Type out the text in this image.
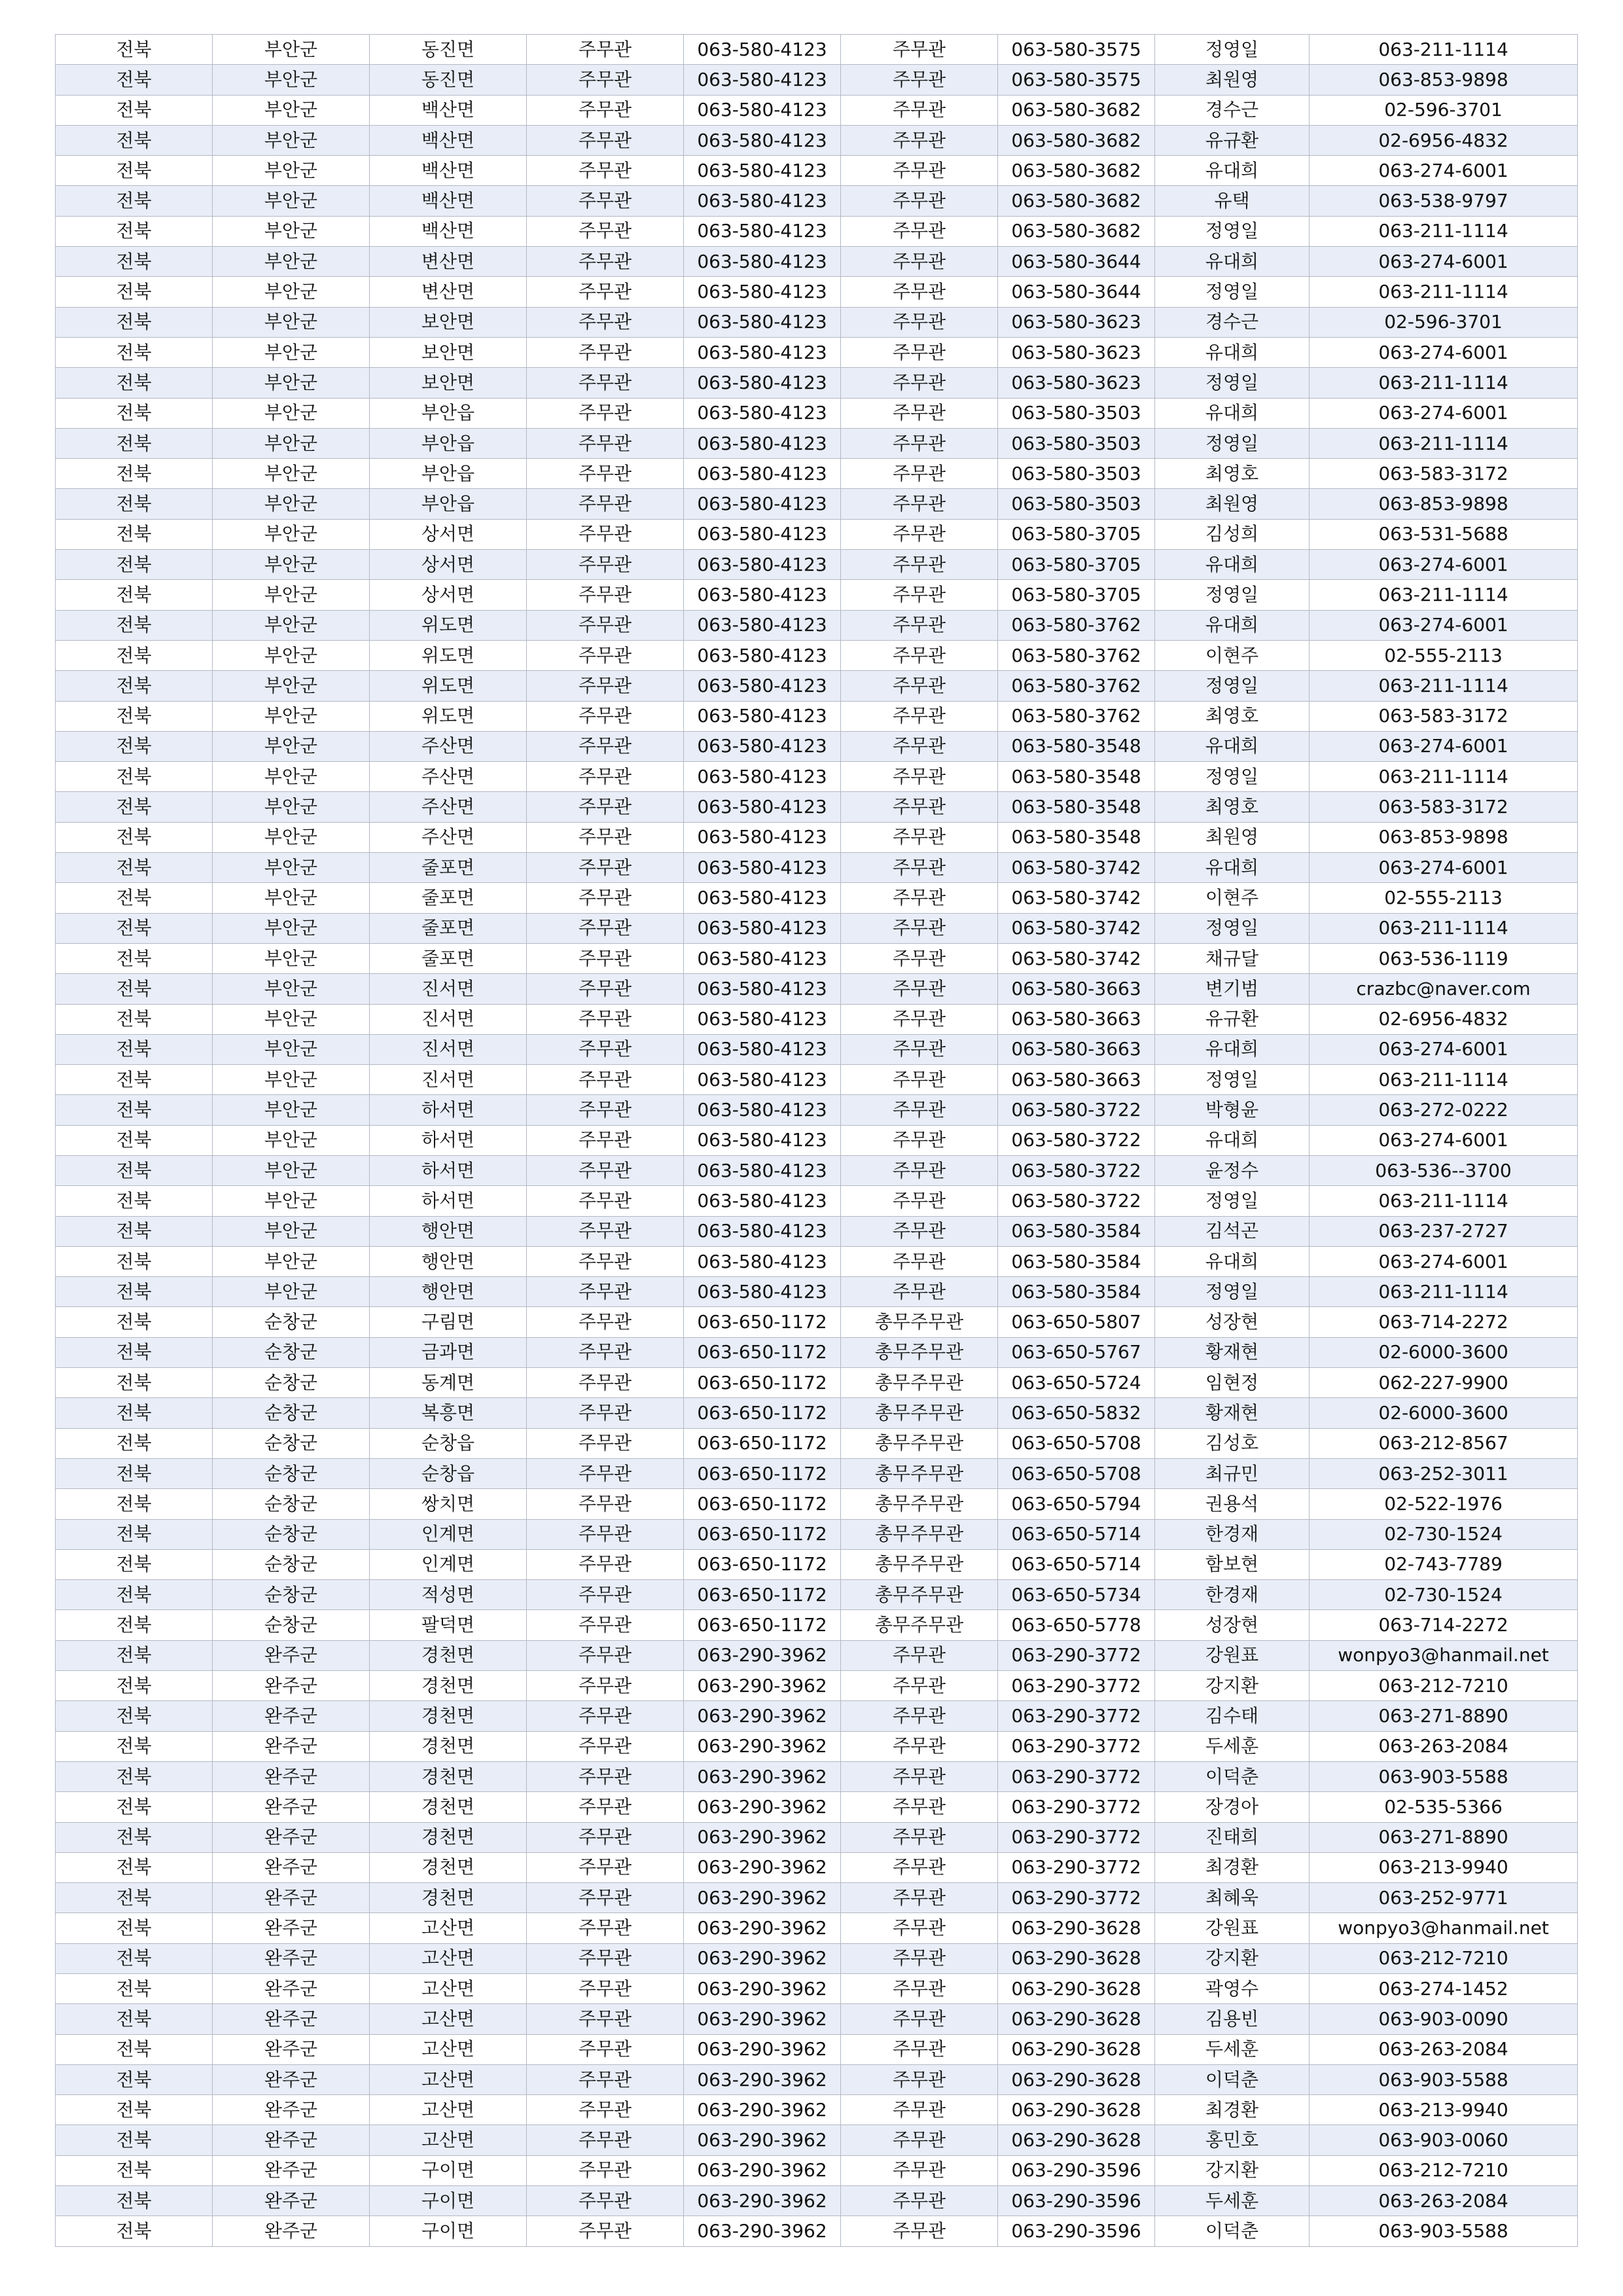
전북	부안군	동진면	주무관	063-580-4123	주무관	063-580-3575	정영일	063-211-1114
전북	부안군	동진면	주무관	063-580-4123	주무관	063-580-3575	최원영	063-853-9898
전북	부안군	백산면	주무관	063-580-4123	주무관	063-580-3682	경수근	02-596-3701
전북	부안군	백산면	주무관	063-580-4123	주무관	063-580-3682	유규환	02-6956-4832
전북	부안군	백산면	주무관	063-580-4123	주무관	063-580-3682	유대희	063-274-6001
전북	부안군	백산면	주무관	063-580-4123	주무관	063-580-3682	유택	063-538-9797
전북	부안군	백산면	주무관	063-580-4123	주무관	063-580-3682	정영일	063-211-1114
전북	부안군	변산면	주무관	063-580-4123	주무관	063-580-3644	유대희	063-274-6001
전북	부안군	변산면	주무관	063-580-4123	주무관	063-580-3644	정영일	063-211-1114
전북	부안군	보안면	주무관	063-580-4123	주무관	063-580-3623	경수근	02-596-3701
전북	부안군	보안면	주무관	063-580-4123	주무관	063-580-3623	유대희	063-274-6001
전북	부안군	보안면	주무관	063-580-4123	주무관	063-580-3623	정영일	063-211-1114
전북	부안군	부안읍	주무관	063-580-4123	주무관	063-580-3503	유대희	063-274-6001
전북	부안군	부안읍	주무관	063-580-4123	주무관	063-580-3503	정영일	063-211-1114
전북	부안군	부안읍	주무관	063-580-4123	주무관	063-580-3503	최영호	063-583-3172
전북	부안군	부안읍	주무관	063-580-4123	주무관	063-580-3503	최원영	063-853-9898
전북	부안군	상서면	주무관	063-580-4123	주무관	063-580-3705	김성희	063-531-5688
전북	부안군	상서면	주무관	063-580-4123	주무관	063-580-3705	유대희	063-274-6001
전북	부안군	상서면	주무관	063-580-4123	주무관	063-580-3705	정영일	063-211-1114
전북	부안군	위도면	주무관	063-580-4123	주무관	063-580-3762	유대희	063-274-6001
전북	부안군	위도면	주무관	063-580-4123	주무관	063-580-3762	이현주	02-555-2113
전북	부안군	위도면	주무관	063-580-4123	주무관	063-580-3762	정영일	063-211-1114
전북	부안군	위도면	주무관	063-580-4123	주무관	063-580-3762	최영호	063-583-3172
전북	부안군	주산면	주무관	063-580-4123	주무관	063-580-3548	유대희	063-274-6001
전북	부안군	주산면	주무관	063-580-4123	주무관	063-580-3548	정영일	063-211-1114
전북	부안군	주산면	주무관	063-580-4123	주무관	063-580-3548	최영호	063-583-3172
전북	부안군	주산면	주무관	063-580-4123	주무관	063-580-3548	최원영	063-853-9898
전북	부안군	줄포면	주무관	063-580-4123	주무관	063-580-3742	유대희	063-274-6001
전북	부안군	줄포면	주무관	063-580-4123	주무관	063-580-3742	이현주	02-555-2113
전북	부안군	줄포면	주무관	063-580-4123	주무관	063-580-3742	정영일	063-211-1114
전북	부안군	줄포면	주무관	063-580-4123	주무관	063-580-3742	채규달	063-536-1119
전북	부안군	진서면	주무관	063-580-4123	주무관	063-580-3663	변기범	crazbc@naver.com
전북	부안군	진서면	주무관	063-580-4123	주무관	063-580-3663	유규환	02-6956-4832
전북	부안군	진서면	주무관	063-580-4123	주무관	063-580-3663	유대희	063-274-6001
전북	부안군	진서면	주무관	063-580-4123	주무관	063-580-3663	정영일	063-211-1114
전북	부안군	하서면	주무관	063-580-4123	주무관	063-580-3722	박형윤	063-272-0222
전북	부안군	하서면	주무관	063-580-4123	주무관	063-580-3722	유대희	063-274-6001
전북	부안군	하서면	주무관	063-580-4123	주무관	063-580-3722	윤정수	063-536--3700
전북	부안군	하서면	주무관	063-580-4123	주무관	063-580-3722	정영일	063-211-1114
전북	부안군	행안면	주무관	063-580-4123	주무관	063-580-3584	김석곤	063-237-2727
전북	부안군	행안면	주무관	063-580-4123	주무관	063-580-3584	유대희	063-274-6001
전북	부안군	행안면	주무관	063-580-4123	주무관	063-580-3584	정영일	063-211-1114
전북	순창군	구림면	주무관	063-650-1172	총무주무관	063-650-5807	성장현	063-714-2272
전북	순창군	금과면	주무관	063-650-1172	총무주무관	063-650-5767	황재현	02-6000-3600
전북	순창군	동계면	주무관	063-650-1172	총무주무관	063-650-5724	임현정	062-227-9900
전북	순창군	복흥면	주무관	063-650-1172	총무주무관	063-650-5832	황재현	02-6000-3600
전북	순창군	순창읍	주무관	063-650-1172	총무주무관	063-650-5708	김성호	063-212-8567
전북	순창군	순창읍	주무관	063-650-1172	총무주무관	063-650-5708	최규민	063-252-3011
전북	순창군	쌍치면	주무관	063-650-1172	총무주무관	063-650-5794	권용석	02-522-1976
전북	순창군	인계면	주무관	063-650-1172	총무주무관	063-650-5714	한경재	02-730-1524
전북	순창군	인계면	주무관	063-650-1172	총무주무관	063-650-5714	함보현	02-743-7789
전북	순창군	적성면	주무관	063-650-1172	총무주무관	063-650-5734	한경재	02-730-1524
전북	순창군	팔덕면	주무관	063-650-1172	총무주무관	063-650-5778	성장현	063-714-2272
전북	완주군	경천면	주무관	063-290-3962	주무관	063-290-3772	강원표	wonpyo3@hanmail.net
전북	완주군	경천면	주무관	063-290-3962	주무관	063-290-3772	강지환	063-212-7210
전북	완주군	경천면	주무관	063-290-3962	주무관	063-290-3772	김수태	063-271-8890
전북	완주군	경천면	주무관	063-290-3962	주무관	063-290-3772	두세훈	063-263-2084
전북	완주군	경천면	주무관	063-290-3962	주무관	063-290-3772	이덕춘	063-903-5588
전북	완주군	경천면	주무관	063-290-3962	주무관	063-290-3772	장경아	02-535-5366
전북	완주군	경천면	주무관	063-290-3962	주무관	063-290-3772	진태희	063-271-8890
전북	완주군	경천면	주무관	063-290-3962	주무관	063-290-3772	최경환	063-213-9940
전북	완주군	경천면	주무관	063-290-3962	주무관	063-290-3772	최혜욱	063-252-9771
전북	완주군	고산면	주무관	063-290-3962	주무관	063-290-3628	강원표	wonpyo3@hanmail.net
전북	완주군	고산면	주무관	063-290-3962	주무관	063-290-3628	강지환	063-212-7210
전북	완주군	고산면	주무관	063-290-3962	주무관	063-290-3628	곽영수	063-274-1452
전북	완주군	고산면	주무관	063-290-3962	주무관	063-290-3628	김용빈	063-903-0090
전북	완주군	고산면	주무관	063-290-3962	주무관	063-290-3628	두세훈	063-263-2084
전북	완주군	고산면	주무관	063-290-3962	주무관	063-290-3628	이덕춘	063-903-5588
전북	완주군	고산면	주무관	063-290-3962	주무관	063-290-3628	최경환	063-213-9940
전북	완주군	고산면	주무관	063-290-3962	주무관	063-290-3628	홍민호	063-903-0060
전북	완주군	구이면	주무관	063-290-3962	주무관	063-290-3596	강지환	063-212-7210
전북	완주군	구이면	주무관	063-290-3962	주무관	063-290-3596	두세훈	063-263-2084
전북	완주군	구이면	주무관	063-290-3962	주무관	063-290-3596	이덕춘	063-903-5588
